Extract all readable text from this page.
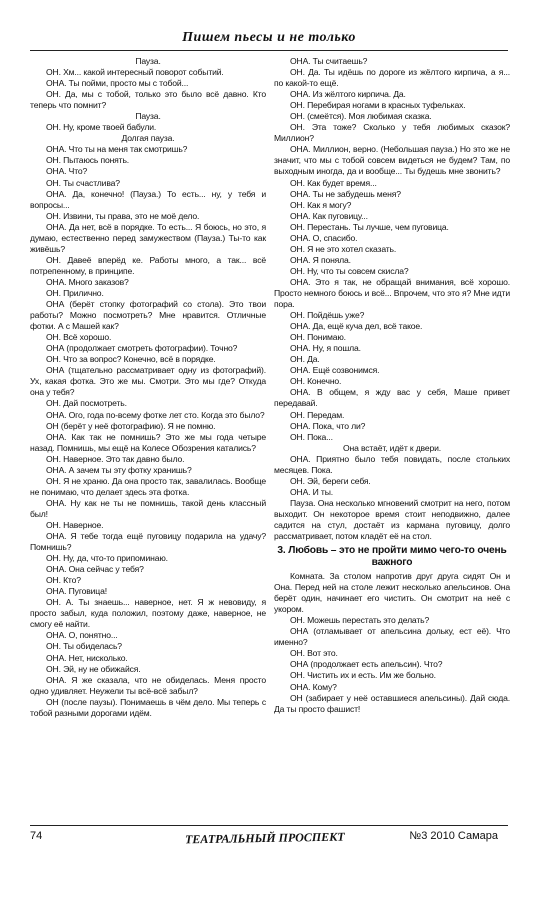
Пишем пьесы и не только

Пауза.

ОН. Хм... какой интересный поворот событий.

ОНА. Ты пойми, просто мы с тобой...

ОН. Да, мы с тобой, только это было всё давно. Кто теперь что помнит?

Пауза.

ОН. Ну, кроме твоей бабули.

Долгая пауза.

ОНА. Что ты на меня так смотришь?

ОН. Пытаюсь понять.

ОНА. Что?

ОН. Ты счастлива?

ОНА. Да, конечно! (Пауза.) То есть... ну, у тебя и вопросы...

ОН. Извини, ты права, это не моё дело.

ОНА. Да нет, всё в порядке. То есть... Я боюсь, но это, я думаю, естественно перед замужеством (Пауза.) Ты-то как живёшь?

ОН. Давеё вперёд ке. Работы много, а так... всё потрепенному, в принципе.

ОНА. Много заказов?

ОН. Прилично.

ОНА (берёт стопку фотографий со стола). Это твои работы? Можно посмотреть? Мне нравится. Отличные фотки. А с Машей как?

ОН. Всё хорошо.

ОНА (продолжает смотреть фотографии). Точно?

ОН. Что за вопрос? Конечно, всё в порядке.

ОНА (тщательно рассматривает одну из фотографий). Ух, какая фотка. Это же мы. Смотри. Это мы где? Откуда она у тебя?

ОН. Дай посмотреть.

ОНА. Ого, года по-всему фотке лет сто. Когда это было?

ОН (берёт у неё фотографию). Я не помню.

ОНА. Как так не помнишь? Это же мы года четыре назад. Помнишь, мы ещё на Колесе Обозрения катались?

ОН. Наверное. Это так давно было.

ОНА. А зачем ты эту фотку хранишь?

ОН. Я не храню. Да она просто так, завалилась. Вообще не понимаю, что делает здесь эта фотка.

ОНА. Ну как не ты не помнишь, такой день классный был!

ОН. Наверное.

ОНА. Я тебе тогда ещё пуговицу подарила на удачу? Помнишь?

ОН. Ну, да, что-то припоминаю.

ОНА. Она сейчас у тебя?

ОН. Кто?

ОНА. Пуговица!

ОН. А. Ты знаешь... наверное, нет. Я ж невовиду, я просто забыл, куда положил, поэтому даже, наверное, не смогу её найти.

ОНА. О, понятно...

ОН. Ты обиделась?

ОНА. Нет, нисколько.

ОН. Эй, ну не обижайся.

ОНА. Я же сказала, что не обиделась. Меня просто одно удивляет. Неужели ты всё-всё забыл?

ОН (после паузы). Понимаешь в чём дело. Мы теперь с тобой разными дорогами идём.

ОНА. Ты считаешь?

ОН. Да. Ты идёшь по дороге из жёлтого кирпича, а я... по какой-то ещё.

ОНА. Из жёлтого кирпича. Да.

ОН. Перебирая ногами в красных туфельках.

ОН. (смеётся). Моя любимая сказка.

ОН. Эта тоже? Сколько у тебя любимых сказок? Миллион?

ОНА. Миллион, верно. (Небольшая пауза.) Но это же не значит, что мы с тобой совсем видеться не будем? Там, по выходным иногда, да и вообще... Ты будешь мне звонить?

ОН. Как будет время...

ОНА. Ты не забудешь меня?

ОН. Как я могу?

ОНА. Как пуговицу...

ОН. Перестань. Ты лучше, чем пуговица.

ОНА. О, спасибо.

ОН. Я не это хотел сказать.

ОНА. Я поняла.

ОН. Ну, что ты совсем скисла?

ОНА. Это я так, не обращай внимания, всё хорошо. Просто немного боюсь и всё... Впрочем, что это я? Мне идти пора.

ОН. Пойдёшь уже?

ОНА. Да, ещё куча дел, всё такое.

ОН. Понимаю.

ОНА. Ну, я пошла.

ОН. Да.

ОНА. Ещё созвонимся.

ОН. Конечно.

ОНА. В общем, я жду вас у себя, Маше привет передавай.

ОН. Передам.

ОНА. Пока, что ли?

ОН. Пока...

Она встаёт, идёт к двери.

ОНА. Приятно было тебя повидать, после стольких месяцев. Пока.

ОН. Эй, береги себя.

ОНА. И ты.

Пауза. Она несколько мгновений смотрит на него, потом выходит. Он некоторое время стоит неподвижно, далее садится на стул, достаёт из кармана пуговицу, долго рассматривает, потом кладёт её на стол.

3. Любовь – это не пройти мимо чего-то очень важного

Комната. За столом напротив друг друга сидят Он и Она. Перед ней на столе лежит несколько апельсинов. Она берёт один, начинает его чистить. Он смотрит на неё с укором.

ОН. Можешь перестать это делать?

ОНА (отламывает от апельсина дольку, ест её). Что именно?

ОН. Вот это.

ОНА (продолжает есть апельсин). Что?

ОН. Чистить их и есть. Им же больно.

ОНА. Кому?

ОН (забирает у неё оставшиеся апельсины). Дай сюда. Да ты просто фашист!

74	ТЕАТРАЛЬНЫЙ ПРОСПЕКТ	№3 2010 Самара
